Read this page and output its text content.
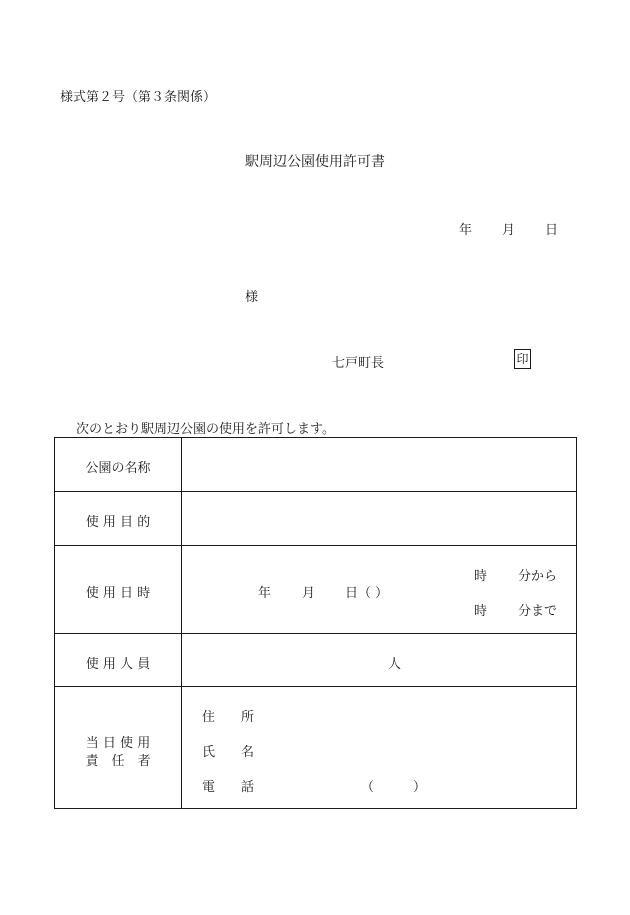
様式第２号（第３条関係）
駅周辺公園使用許可書
年 月 日
様
七戸町長	印
次のとおり駅周辺公園の使用を許可します。
公園の名称
使 用 目 的
使 用 日 時	年 月 日（ ）
時 分から
時 分まで
使 用 人 員	人
当 日 使 用
責　任　者
住　　所
氏　　名
電　　話	（　　　）
